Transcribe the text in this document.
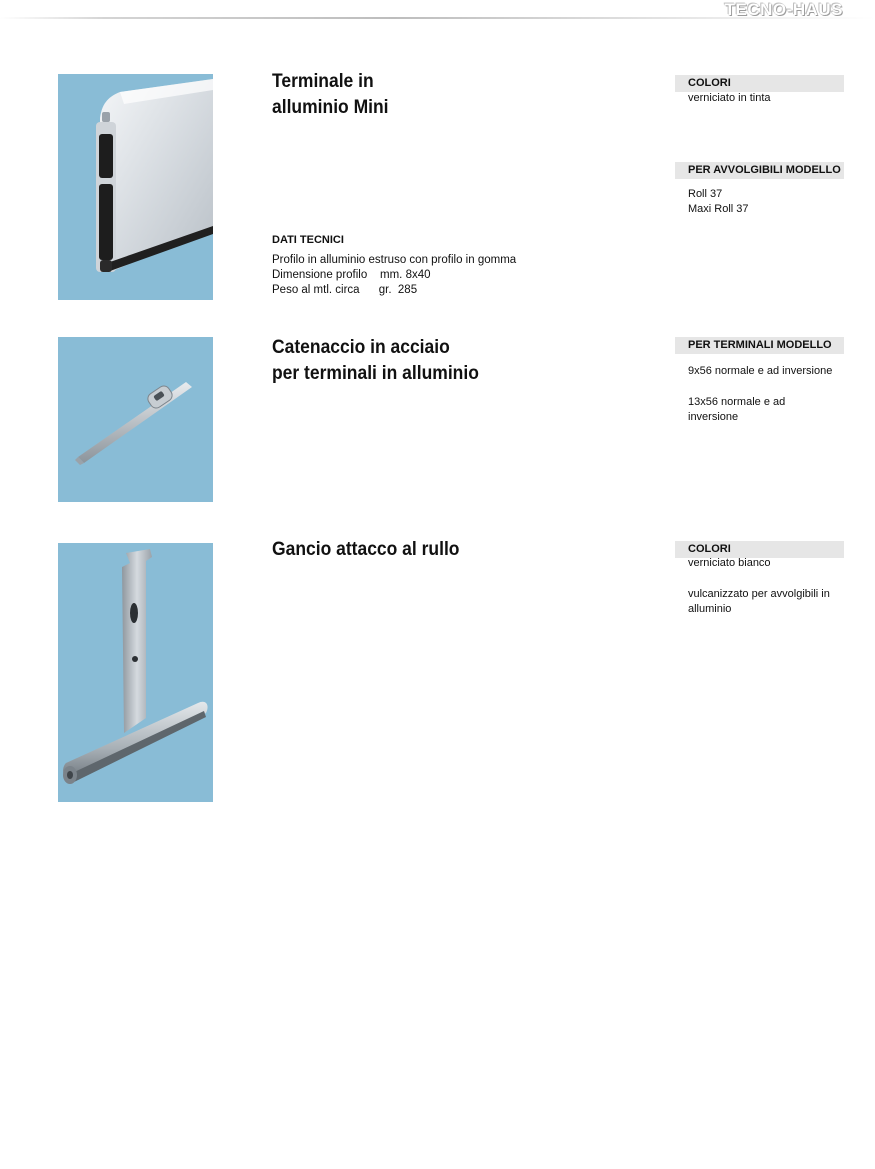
TECNO-HAUS
Terminale in
alluminio Mini
DATI TECNICI
Profilo in alluminio estruso con profilo in gomma
Dimensione profilo    mm. 8x40
Peso al mtl. circa      gr.  285
COLORI
verniciato in tinta
PER AVVOLGIBILI MODELLO
Roll 37
Maxi Roll 37
Catenaccio in acciaio
per terminali in alluminio
PER TERMINALI MODELLO
9x56 normale e ad inversione
13x56 normale e ad inversione
Gancio attacco al rullo	COLORI
verniciato bianco
vulcanizzato per avvolgibili in alluminio
